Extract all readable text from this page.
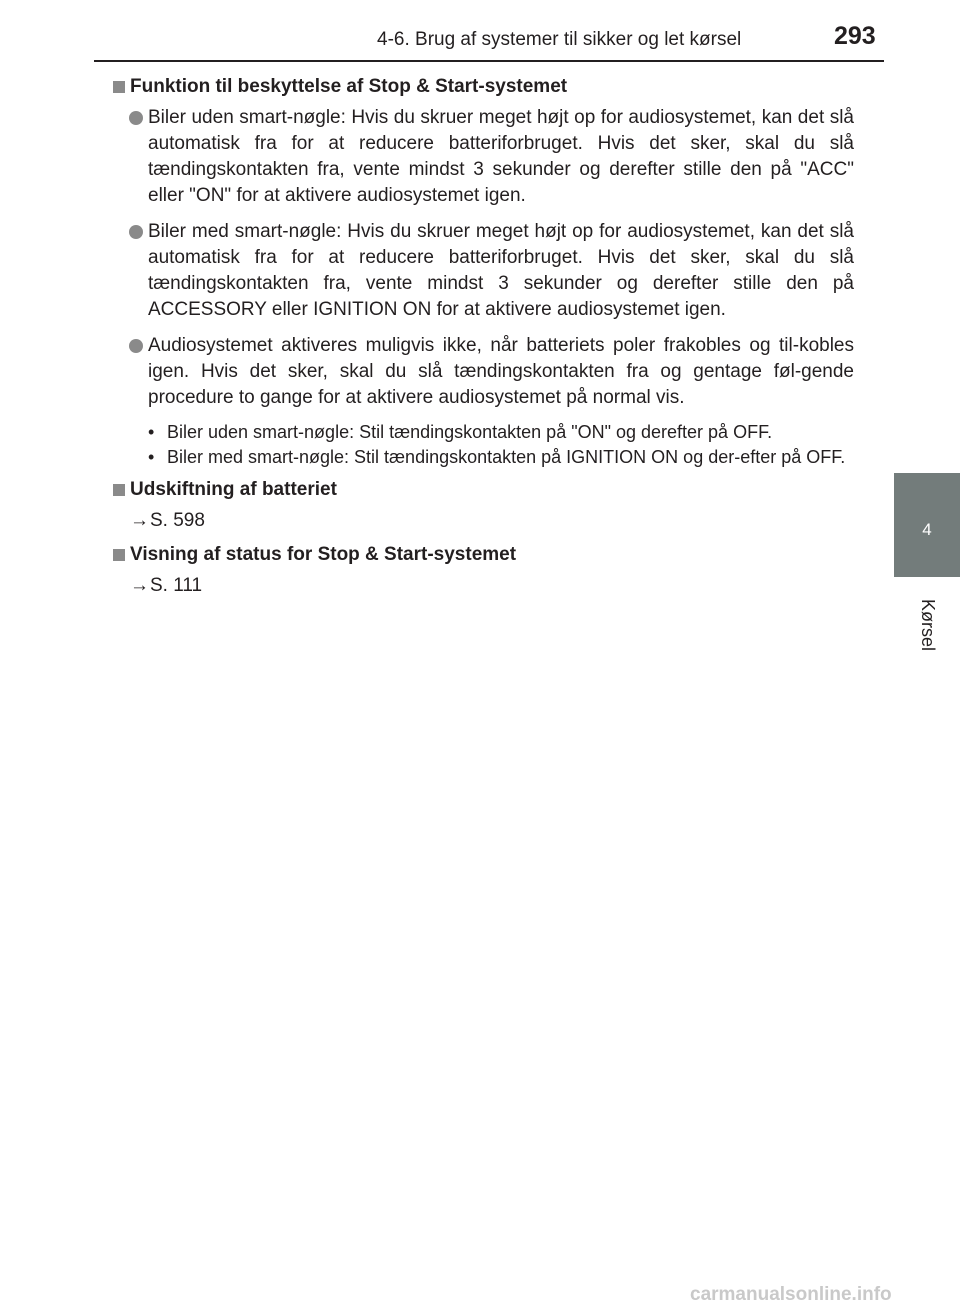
4-6. Brug af systemer til sikker og let kørsel	293
4
Kørsel
Funktion til beskyttelse af Stop & Start-systemet
Biler uden smart-nøgle: Hvis du skruer meget højt op for audiosystemet, kan det slå automatisk fra for at reducere batteriforbruget. Hvis det sker, skal du slå tændingskontakten fra, vente mindst 3 sekunder og derefter stille den på "ACC" eller "ON" for at aktivere audiosystemet igen.
Biler med smart-nøgle: Hvis du skruer meget højt op for audiosystemet, kan det slå automatisk fra for at reducere batteriforbruget. Hvis det sker, skal du slå tændingskontakten fra, vente mindst 3 sekunder og derefter stille den på ACCESSORY eller IGNITION ON for at aktivere audiosystemet igen.
Audiosystemet aktiveres muligvis ikke, når batteriets poler frakobles og til-kobles igen. Hvis det sker, skal du slå tændingskontakten fra og gentage føl-gende procedure to gange for at aktivere audiosystemet på normal vis.
• Biler uden smart-nøgle: Stil tændingskontakten på "ON" og derefter på OFF.
• Biler med smart-nøgle: Stil tændingskontakten på IGNITION ON og der-efter på OFF.
Udskiftning af batteriet
→S. 598
Visning af status for Stop & Start-systemet
→S. 111
carmanualsonline.info
